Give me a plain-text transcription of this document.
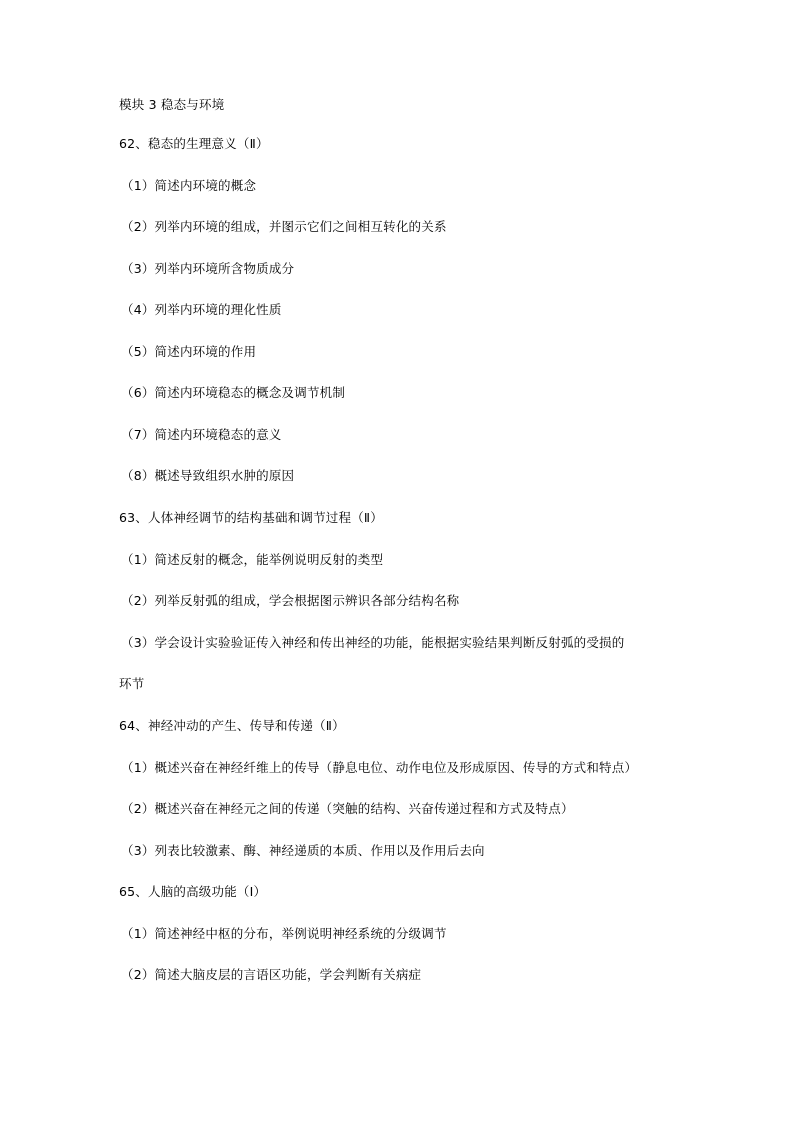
模块 3 稳态与环境
62、稳态的生理意义（Ⅱ）
（1）简述内环境的概念
（2）列举内环境的组成，并图示它们之间相互转化的关系
（3）列举内环境所含物质成分
（4）列举内环境的理化性质
（5）简述内环境的作用
（6）简述内环境稳态的概念及调节机制
（7）简述内环境稳态的意义
（8）概述导致组织水肿的原因
63、人体神经调节的结构基础和调节过程（Ⅱ）
（1）简述反射的概念，能举例说明反射的类型
（2）列举反射弧的组成，学会根据图示辨识各部分结构名称
（3）学会设计实验验证传入神经和传出神经的功能，能根据实验结果判断反射弧的受损的
环节
64、神经冲动的产生、传导和传递（Ⅱ）
（1）概述兴奋在神经纤维上的传导（静息电位、动作电位及形成原因、传导的方式和特点）
（2）概述兴奋在神经元之间的传递（突触的结构、兴奋传递过程和方式及特点）
（3）列表比较激素、酶、神经递质的本质、作用以及作用后去向
65、人脑的高级功能（Ⅰ）
（1）简述神经中枢的分布，举例说明神经系统的分级调节
（2）简述大脑皮层的言语区功能，学会判断有关病症
